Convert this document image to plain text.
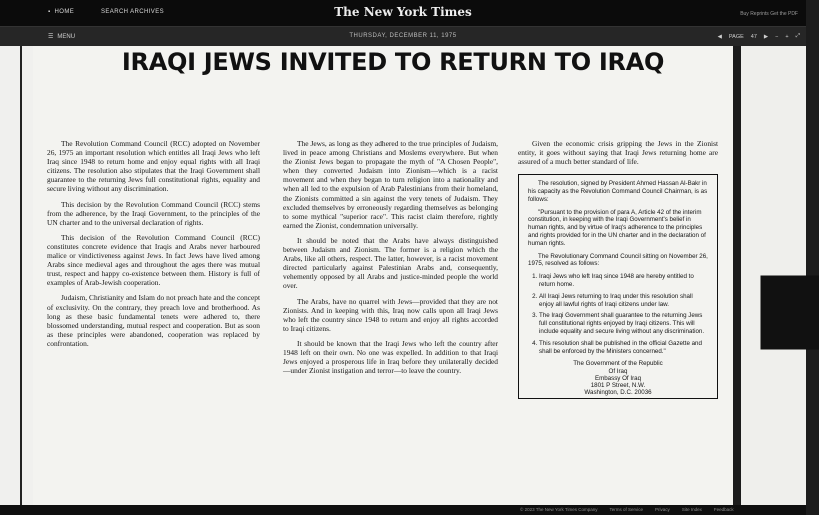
▪ HOME	SEARCH ARCHIVES	The New York Times	Buy Reprints Get the PDF
☰ MENU	THURSDAY, DECEMBER 11, 1975	◀ PAGE 47 ▶ − + ⤢
██
IRAQI JEWS INVITED TO RETURN TO IRAQ

The Revolution Command Council (RCC) adopted on November 26, 1975 an important resolution which entitles all Iraqi Jews who left Iraq since 1948 to return home and enjoy equal rights with all Iraqi citizens. The resolution also stipulates that the Iraqi Government shall guarantee to the returning Jews full constitutional rights, equality and secure living without any discrimination.

This decision by the Revolution Command Council (RCC) stems from the adherence, by the Iraqi Government, to the principles of the UN charter and to the universal declaration of rights.

This decision of the Revolution Command Council (RCC) constitutes concrete evidence that Iraqis and Arabs never harboured malice or vindictiveness against Jews. In fact Jews have lived among Arabs since medieval ages and throughout the ages there was mutual trust, respect and happy co-existence between them. History is full of examples of Arab-Jewish cooperation.

Judaism, Christianity and Islam do not preach hate and the concept of exclusivity. On the contrary, they preach love and brotherhood. As long as these basic fundamental tenets were adhered to, there blossomed understanding, mutual respect and cooperation. But as soon as these principles were abandoned, cooperation was replaced by confrontation.

The Jews, as long as they adhered to the true principles of Judaism, lived in peace among Christians and Moslems everywhere. But when the Zionist Jews began to propagate the myth of "A Chosen People", when they converted Judaism into Zionism—which is a racist movement and when they began to turn religion into a nationality and when all led to the expulsion of Arab Palestinians from their homeland, the Zionists committed a sin against the very tenets of Judaism. They excluded themselves by erroneously regarding themselves as belonging to some mythical "superior race". This racist claim therefore, rightly earned the Zionist, condemnation universally.

It should be noted that the Arabs have always distinguished between Judaism and Zionism. The former is a religion which the Arabs, like all others, respect. The latter, however, is a racist movement directed particularly against Palestinian Arabs and, consequently, vehemently opposed by all Arabs and justice-minded people the world over.

The Arabs, have no quarrel with Jews—provided that they are not Zionists. And in keeping with this, Iraq now calls upon all Iraqi Jews who left the country since 1948 to return and enjoy all rights accorded to Iraqi citizens.

It should be known that the Iraqi Jews who left the country after 1948 left on their own. No one was expelled. In addition to that Iraqi Jews enjoyed a prosperous life in Iraq before they unilaterally decided—under Zionist instigation and terror—to leave the country.

Given the economic crisis gripping the Jews in the Zionist entity, it goes without saying that Iraqi Jews returning home are assured of a much better standard of life.

The resolution, signed by President Ahmed Hassan Al-Bakr in his capacity as the Revolution Command Council Chairman, is as follows:

"Pursuant to the provision of para A, Article 42 of the interim constitution, in keeping with the Iraqi Government's belief in human rights, and by virtue of Iraq's adherence to the principles and rights provided for in the UN charter and in the declaration of human rights.

The Revolutionary Command Council sitting on November 26, 1975, resolved as follows:

1. Iraqi Jews who left Iraq since 1948 are hereby entitled to return home.
2. All Iraqi Jews returning to Iraq under this resolution shall enjoy all lawful rights of Iraqi citizens under law.
3. The Iraqi Government shall guarantee to the returning Jews full constitutional rights enjoyed by Iraqi citizens. This will include equality and secure living without any discrimination.
4. This resolution shall be published in the official Gazette and shall be enforced by the Ministers concerned."
The Government of the Republic
Of Iraq
Embassy Of Iraq
1801 P Street, N.W.
Washington, D.C. 20036
© 2023 The New York Times Company	Terms of Service	Privacy	Site Index	Feedback
